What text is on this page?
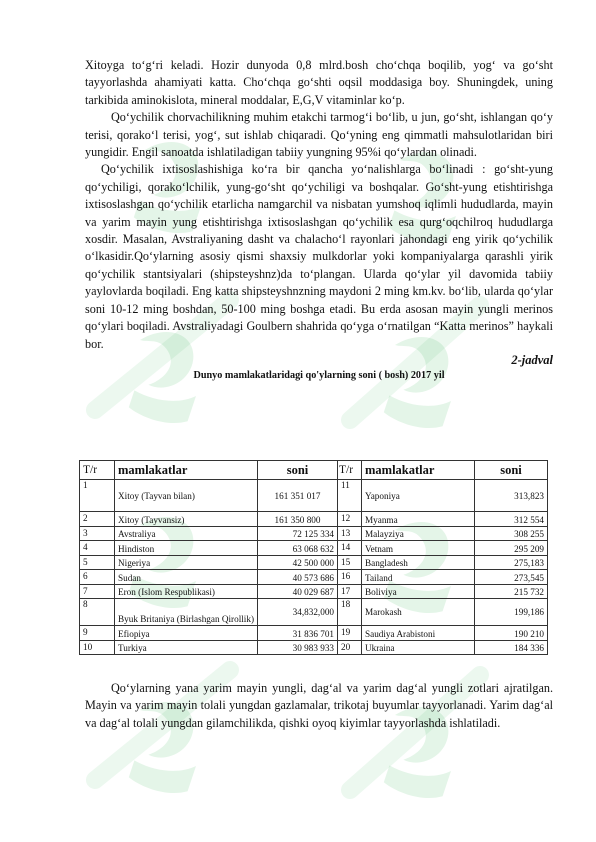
Xitoyga to‘g‘ri keladi. Hozir dunyoda 0,8 mlrd.bosh cho‘chqa boqilib, yog‘ va go‘sht tayyorlashda ahamiyati katta. Cho‘chqa go‘shti oqsil moddasiga boy. Shuningdek, uning tarkibida aminokislota, mineral moddalar, E,G,V vitaminlar ko‘p.

Qo‘ychilik chorvachilikning muhim etakchi tarmog‘i bo‘lib, u jun, go‘sht, ishlangan qo‘y terisi, qorako‘l terisi, yog‘, sut ishlab chiqaradi. Qo‘yning eng qimmatli mahsulotlaridan biri yungidir. Engil sanoatda ishlatiladigan tabiiy yungning 95%i qo‘ylardan olinadi.

Qo‘ychilik ixtisoslashishiga ko‘ra bir qancha yo‘nalishlarga bo‘linadi : go‘sht-yung qo‘ychiligi, qorako‘lchilik, yung-go‘sht qo‘ychiligi va boshqalar. Go‘sht-yung etishtirishga ixtisoslashgan qo‘ychilik etarlicha namgarchil va nisbatan yumshoq iqlimli hududlarda, mayin va yarim mayin yung etishtirishga ixtisoslashgan qo‘ychilik esa qurg‘oqchilroq hududlarga xosdir. Masalan, Avstraliyaning dasht va chalacho‘l rayonlari jahondagi eng yirik qo‘ychilik o‘lkasidir.Qo‘ylarning asosiy qismi shaxsiy mulkdorlar yoki kompaniyalarga qarashli yirik qo‘ychilik stantsiyalari (shipsteyshnz)da to‘plangan. Ularda qo‘ylar yil davomida tabiiy yaylovlarda boqiladi. Eng katta shipsteyshnzning maydoni 2 ming km.kv. bo‘lib, ularda qo‘ylar soni 10-12 ming boshdan, 50-100 ming boshga etadi. Bu erda asosan mayin yungli merinos qo‘ylari boqiladi. Avstraliyadagi Goulbern shahrida qo‘yga o‘rnatilgan “Katta merinos” haykali bor.

2-jadval

Dunyo mamlakatlaridagi qo'ylarning soni ( bosh) 2017 yil

T/r	mamlakatlar	soni	T/r	mamlakatlar	soni
1	Xitoy (Tayvan bilan)	161 351 017	11	Yaponiya	313,823
2	Xitoy (Tayvansiz)	161 350 800	12	Myanma	312 554
3	Avstraliya	72 125 334	13	Malayziya	308 255
4	Hindiston	63 068 632	14	Vetnam	295 209
5	Nigeriya	42 500 000	15	Bangladesh	275,183
6	Sudan	40 573 686	16	Tailand	273,545
7	Eron (Islom Respublikasi)	40 029 687	17	Boliviya	215 732
8	Byuk Britaniya (Birlashgan Qirollik)	34,832,000	18	Marokash	199,186
9	Efiopiya	31 836 701	19	Saudiya Arabistoni	190 210
10	Turkiya	30 983 933	20	Ukraina	184 336

Qo‘ylarning yana yarim mayin yungli, dag‘al va yarim dag‘al yungli zotlari ajratilgan. Mayin va yarim mayin tolali yungdan gazlamalar, trikotaj buyumlar tayyorlanadi. Yarim dag‘al va dag‘al tolali yungdan gilamchilikda, qishki oyoq kiyimlar tayyorlashda ishlatiladi.
